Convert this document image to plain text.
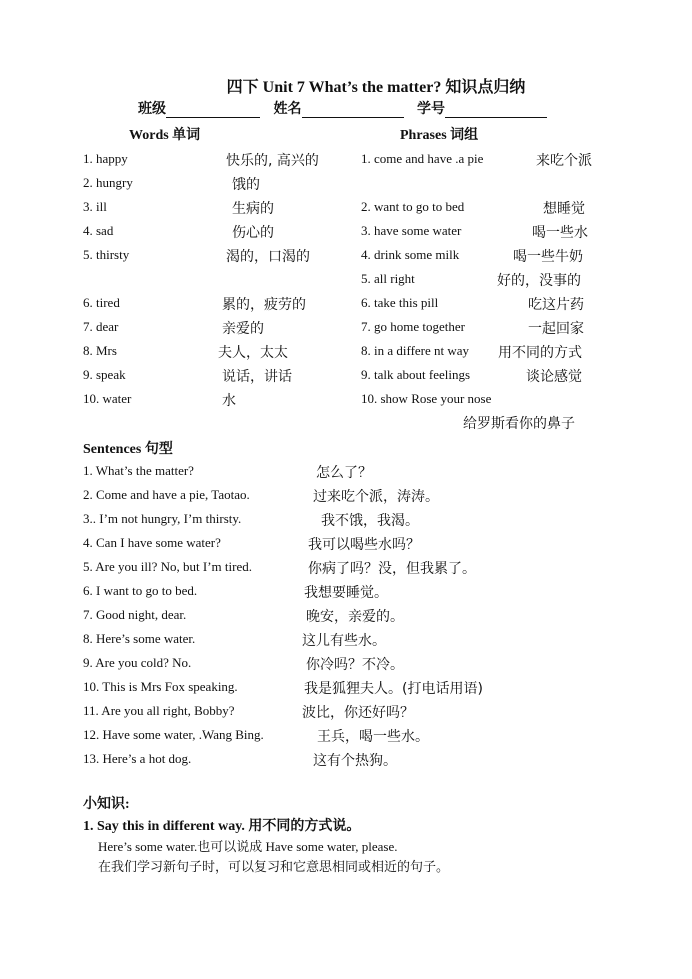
四下 Unit 7 What’s the matter? 知识点归纳
班级	姓名	学号
Words 单词	Phrases 词组
1. happy	快乐的, 高兴的
2. hungry	饿的
3. ill	生病的
4. sad	伤心的
5. thirsty	渴的，口渴的
6. tired	累的，疲劳的
7. dear	亲爱的
8. Mrs	夫人，太太
9. speak	说话，讲话
10. water	水
1. come and have .a pie	来吃个派
2. want to go to bed	想睡觉
3. have some water	喝一些水
4. drink some milk	喝一些牛奶
5. all right	好的，没事的
6. take this pill	吃这片药
7. go home together	一起回家
8. in a differe nt way 用不同的方式
9. talk about feelings	谈论感觉
10. show Rose your nose
给罗斯看你的鼻子
Sentences 句型
1. What’s the matter?	怎么了？
2. Come and have a pie, Taotao.	过来吃个派，涛涛。
3.. I’m not hungry, I’m thirsty.	我不饿，我渴。
4. Can I have some water?	我可以喝些水吗？
5. Are you ill? No, but I’m tired.	你病了吗？没，但我累了。
6. I want to go to bed.	我想要睡觉。
7. Good night, dear.	晚安，亲爱的。
8. Here’s some water.	这儿有些水。
9. Are you cold? No.	你冷吗？不冷。
10. This is Mrs Fox speaking.	我是狐狸夫人。(打电话用语)
11. Are you all right, Bobby?	波比，你还好吗？
12. Have some water, .Wang Bing.	王兵，喝一些水。
13. Here’s a hot dog.	这有个热狗。
小知识:
1. Say this in different way. 用不同的方式说。
Here’s some water.也可以说成 Have some water, please.
在我们学习新句子时，可以复习和它意思相同或相近的句子。
